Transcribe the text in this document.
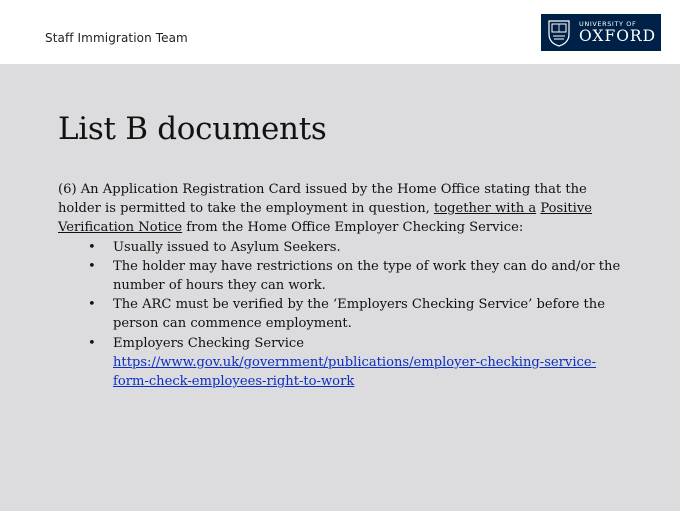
Staff Immigration Team
UNIVERSITY OF
OXFORD
List B documents

(6) An Application Registration Card issued by the Home Office stating that the holder is permitted to take the employment in question, together with a Positive Verification Notice from the Home Office Employer Checking Service:

• Usually issued to Asylum Seekers.
• The holder may have restrictions on the type of work they can do and/or the number of hours they can work.
• The ARC must be verified by the ‘Employers Checking Service’ before the person can commence employment.
• Employers Checking Service
https://www.gov.uk/government/publications/employer-checking-service-form-check-employees-right-to-work
